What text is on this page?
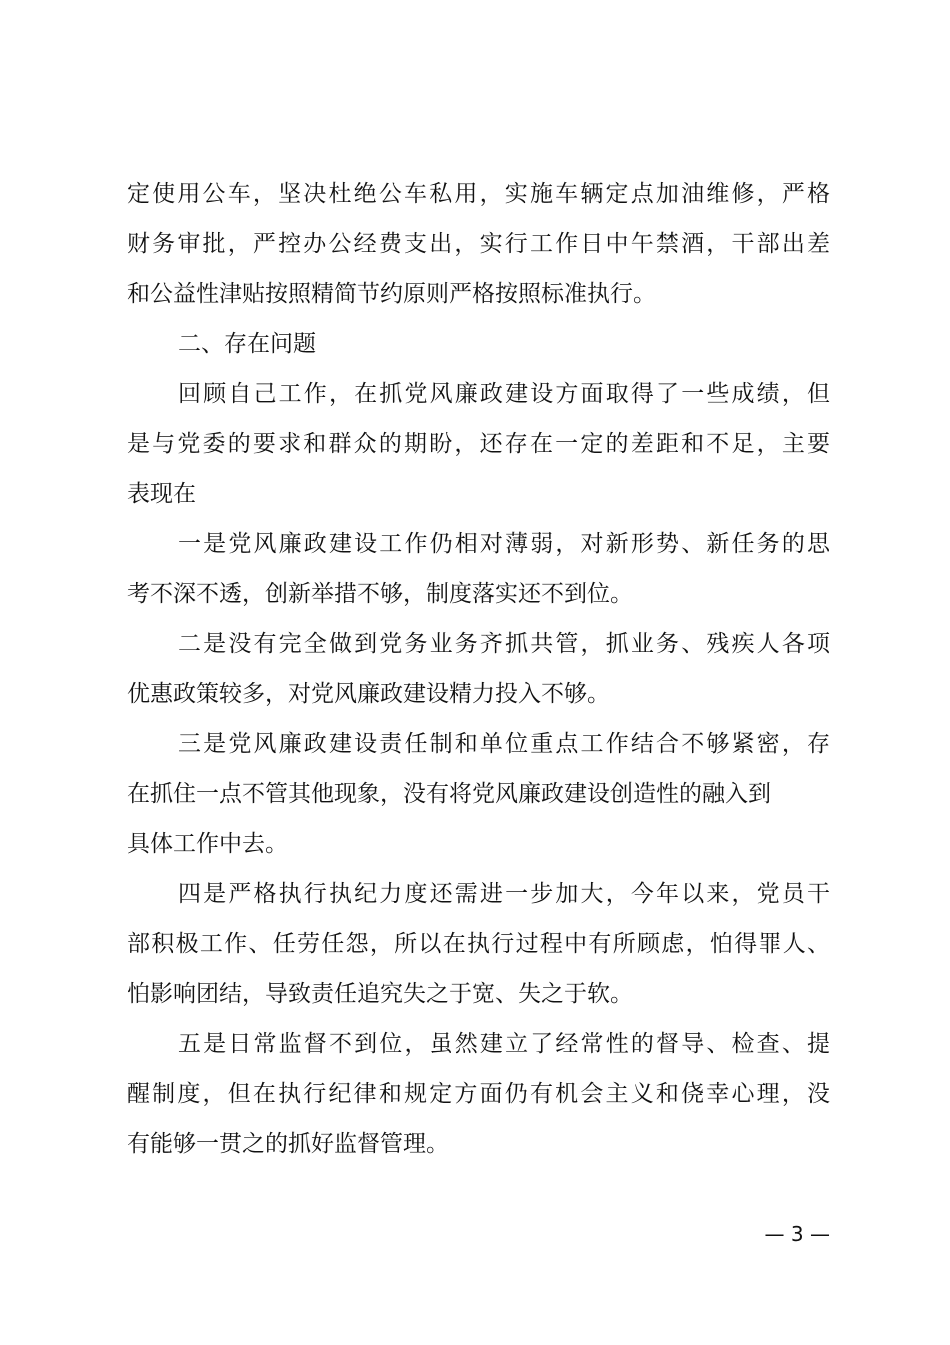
定使用公车，坚决杜绝公车私用，实施车辆定点加油维修，严格
财务审批，严控办公经费支出，实行工作日中午禁酒，干部出差
和公益性津贴按照精简节约原则严格按照标准执行。
二、存在问题
回顾自己工作，在抓党风廉政建设方面取得了一些成绩，但
是与党委的要求和群众的期盼，还存在一定的差距和不足，主要
表现在
一是党风廉政建设工作仍相对薄弱，对新形势、新任务的思
考不深不透，创新举措不够，制度落实还不到位。
二是没有完全做到党务业务齐抓共管，抓业务、残疾人各项
优惠政策较多，对党风廉政建设精力投入不够。
三是党风廉政建设责任制和单位重点工作结合不够紧密，存
在抓住一点不管其他现象，没有将党风廉政建设创造性的融入到
具体工作中去。
四是严格执行执纪力度还需进一步加大，今年以来，党员干
部积极工作、任劳任怨，所以在执行过程中有所顾虑，怕得罪人、
怕影响团结，导致责任追究失之于宽、失之于软。
五是日常监督不到位，虽然建立了经常性的督导、检查、提
醒制度，但在执行纪律和规定方面仍有机会主义和侥幸心理，没
有能够一贯之的抓好监督管理。
— 3 —
